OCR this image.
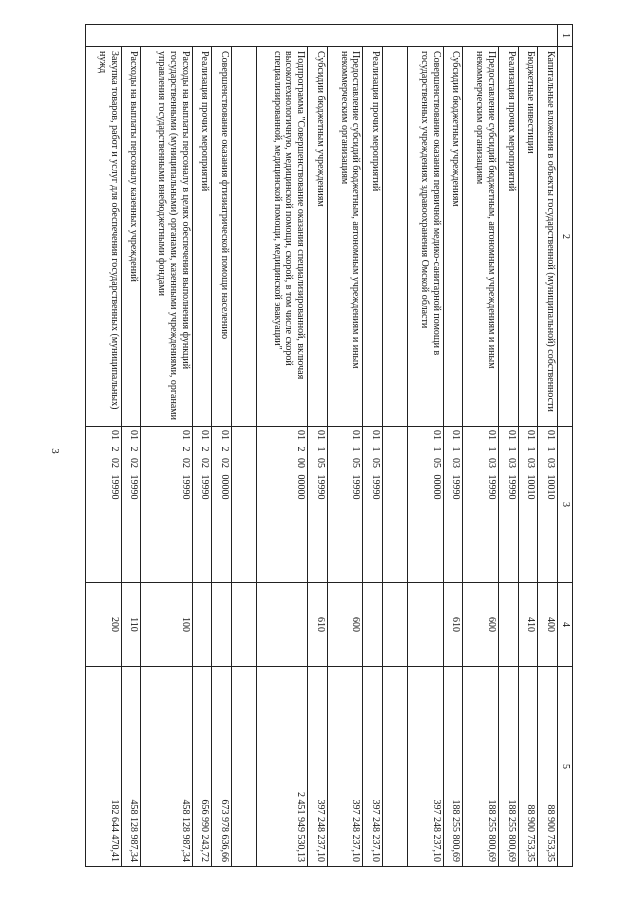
3
1	2	3	4	5
	Капитальные вложения в объекты государственной (муниципальной) собственности	01 1 03 10010	400	88 900 753,35
	Бюджетные инвестиции	01 1 03 10010	410	88 900 753,35
	Реализация прочих мероприятий	01 1 03 19990		188 255 800,69
	Предоставление субсидий бюджетным, автономным учреждениям и иным некоммерческим организациям	01 1 03 19990	600	188 255 800,69
	Субсидии бюджетным учреждениям	01 1 03 19990	610	188 255 800,69
	Совершенствование оказания первичной медико-санитарной помощи в государственных учреждениях здравоохранения Омской области	01 1 05 00000		397 248 237,10

	Реализация прочих мероприятий	01 1 05 19990		397 248 237,10
	Предоставление субсидий бюджетным, автономным учреждениям и иным некоммерческим организациям	01 1 05 19990	600	397 248 237,10
	Субсидии бюджетным учреждениям	01 1 05 19990	610	397 248 237,10
	Подпрограмма "Совершенствование оказания специализированной, включая высокотехнологичную, медицинской помощи, скорой, в том числе скорой специализированной, медицинской помощи, медицинской эвакуации"	01 2 00 00000		2 451 949 530,13

	Совершенствование оказания фтизиатрической помощи населению	01 2 02 00000		673 978 636,66
	Реализация прочих мероприятий	01 2 02 19990		656 990 243,72
	Расходы на выплаты персоналу в целях обеспечения выполнения функций государственными (муниципальными) органами, казенными учреждениями, органами управления государственными внебюджетными фондами	01 2 02 19990	100	458 128 987,34
	Расходы на выплаты персоналу казенных учреждений	01 2 02 19990	110	458 128 987,34
	Закупка товаров, работ и услуг для обеспечения государственных (муниципальных) нужд	01 2 02 19990	200	182 644 470,41
